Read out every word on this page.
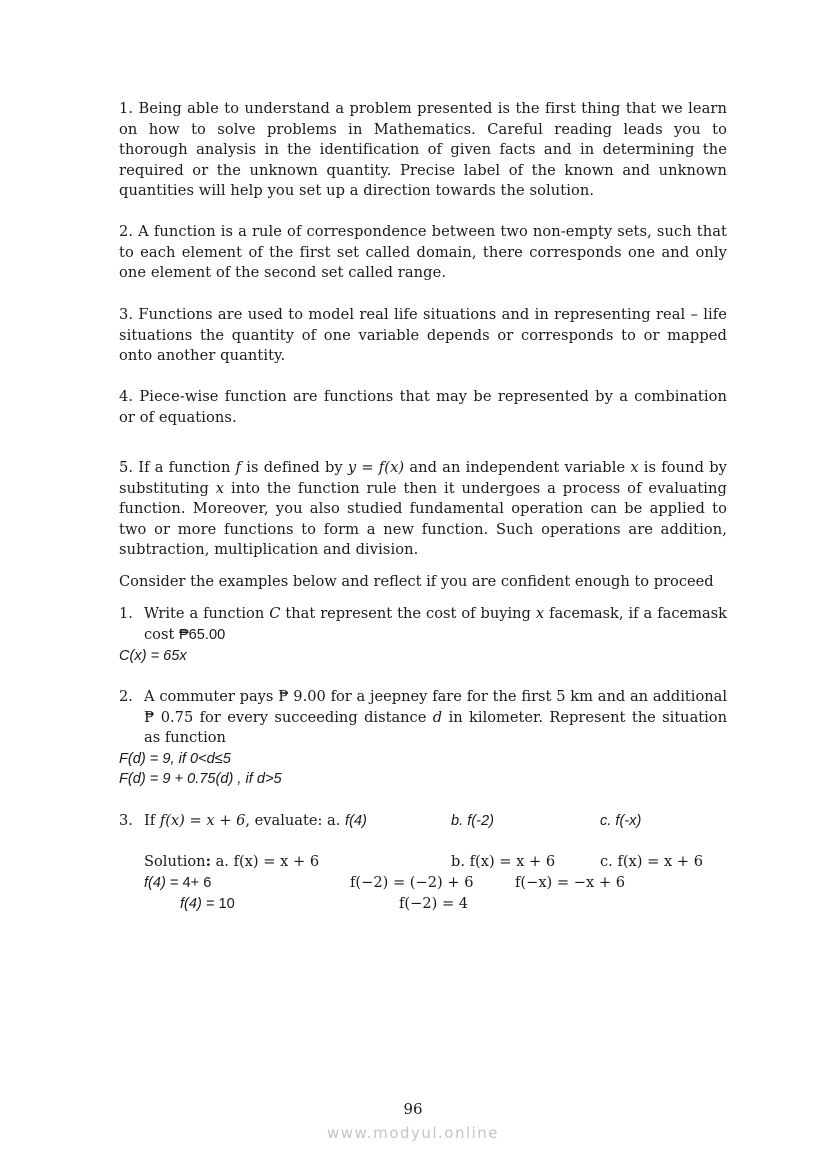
1. Being able to understand a problem presented is the first thing that we learn on how to solve problems in Mathematics. Careful reading leads you to thorough analysis in the identification of given facts and in determining the required or the unknown quantity. Precise label of the known and unknown quantities will help you set up a direction towards the solution.

2. A function is a rule of correspondence between two non-empty sets, such that to each element of the first set called domain, there corresponds one and only one element of the second set called range.

3. Functions are used to model real life situations and in representing real – life situations the quantity of one variable depends or corresponds to or mapped onto another quantity.

4. Piece-wise function are functions that may be represented by a combination or of equations.

5. If a function f is defined by y = f(x) and an independent variable x is found by substituting x into the function rule then it undergoes a process of evaluating function. Moreover, you also studied fundamental operation can be applied to two or more functions to form a new function. Such operations are addition, subtraction, multiplication and division.

Consider the examples below and reflect if you are confident enough to proceed

1. Write a function C that represent the cost of buying x facemask, if a facemask cost ₱65.00

C(x) = 65x

2. A commuter pays ₱ 9.00 for a jeepney fare for the first 5 km and an additional ₱ 0.75 for every succeeding distance d in kilometer. Represent the situation as function

F(d) = 9, if 0<d≤5

F(d) = 9 + 0.75(d) , if d>5

3. If f(x) = x + 6, evaluate: a. f(4)	b. f(-2)	c. f(-x)

Solution: a. f(x) = x + 6	b. f(x) = x + 6	c. f(x) = x + 6

f(4) = 4+ 6	f(−2) = (−2) + 6	f(−x) = −x + 6

f(4) = 10	f(−2) = 4

96
www.modyul.online
